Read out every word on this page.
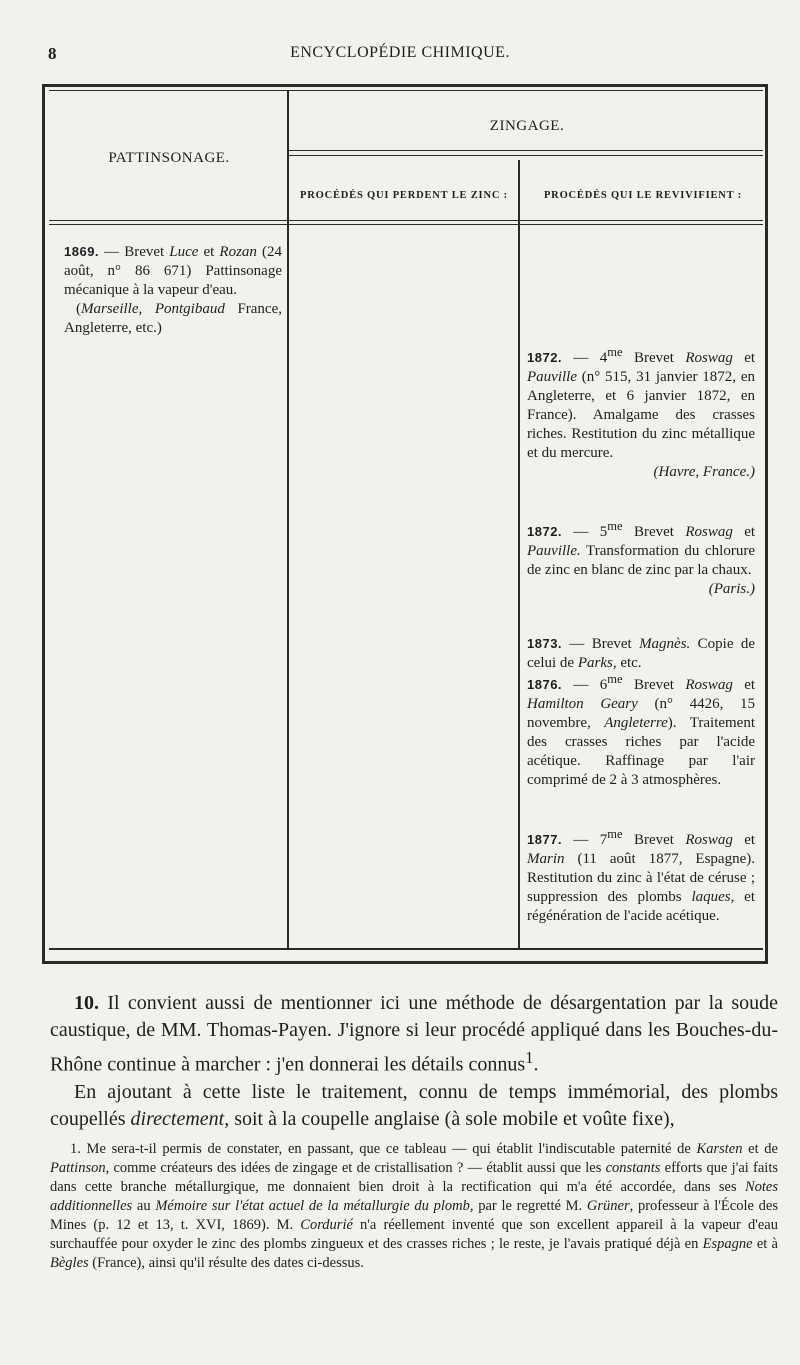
8	ENCYCLOPÉDIE CHIMIQUE.
PATTINSONAGE.
ZINGAGE.
PROCÉDÉS QUI PERDENT LE ZINC :	PROCÉDÉS QUI LE REVIVIFIENT :

1869. — Brevet Luce et Rozan (24 août, n° 86 671) Pattinsonage mécanique à la vapeur d'eau.

(Marseille, Pontgibaud France, Angleterre, etc.)

1872. — $4^{me}$ Brevet Roswag et Pauville (n° 515, 31 janvier 1872, en Angleterre, et 6 janvier 1872, en France). Amalgame des crasses riches. Restitution du zinc métallique et du mercure.

(Havre, France.)

1872. — $5^{me}$ Brevet Roswag et Pauville. Transformation du chlorure de zinc en blanc de zinc par la chaux.

(Paris.)

1873. — Brevet Magnès. Copie de celui de Parks, etc.

1876. — $6^{me}$ Brevet Roswag et Hamilton Geary (n° 4426, 15 novembre, Angleterre). Traitement des crasses riches par l'acide acétique. Raffinage par l'air comprimé de 2 à 3 atmosphères.

1877. — $7^{me}$ Brevet Roswag et Marin (11 août 1877, Espagne). Restitution du zinc à l'état de céruse ; suppression des plombs laques, et régénération de l'acide acétique.

10. Il convient aussi de mentionner ici une méthode de désargentation par la soude caustique, de MM. Thomas-Payen. J'ignore si leur procédé appliqué dans les Bouches-du-Rhône continue à marcher : j'en donnerai les détails connus$^1$.

En ajoutant à cette liste le traitement, connu de temps immémorial, des plombs coupellés directement, soit à la coupelle anglaise (à sole mobile et voûte fixe),

1. Me sera-t-il permis de constater, en passant, que ce tableau — qui établit l'indiscutable paternité de Karsten et de Pattinson, comme créateurs des idées de zingage et de cristallisation ? — établit aussi que les constants efforts que j'ai faits dans cette branche métallurgique, me donnaient bien droit à la rectification qui m'a été accordée, dans ses Notes additionnelles au Mémoire sur l'état actuel de la métallurgie du plomb, par le regretté M. Grüner, professeur à l'École des Mines (p. 12 et 13, t. XVI, 1869). M. Cordurié n'a réellement inventé que son excellent appareil à la vapeur d'eau surchauffée pour oxyder le zinc des plombs zingueux et des crasses riches ; le reste, je l'avais pratiqué déjà en Espagne et à Bègles (France), ainsi qu'il résulte des dates ci-dessus.
